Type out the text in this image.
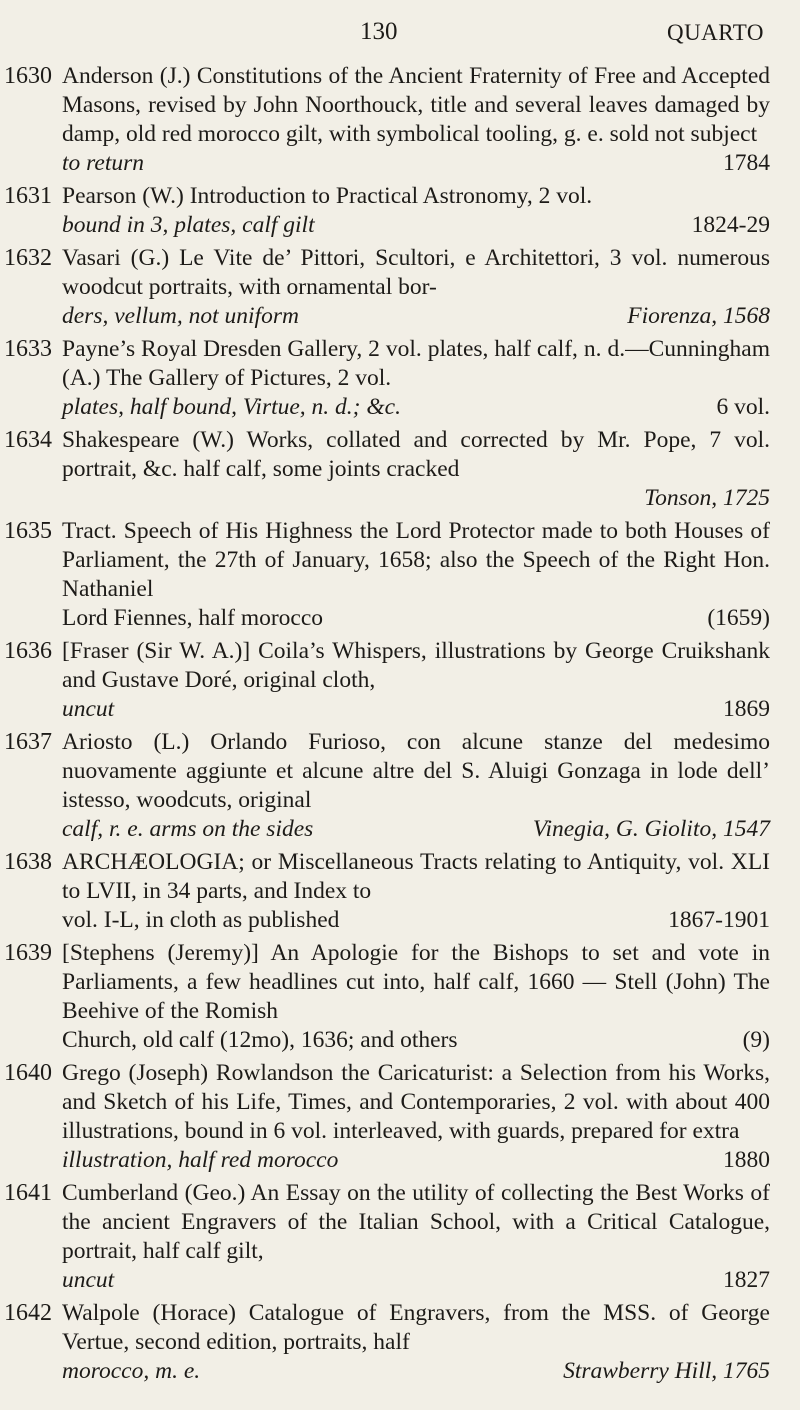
130	QUARTO
1630 Anderson (J.) Constitutions of the Ancient Fraternity of Free and Accepted Masons, revised by John Noorthouck, title and several leaves damaged by damp, old red morocco gilt, with symbolical tooling, g. e. sold not subject
to return	1784
1631 Pearson (W.) Introduction to Practical Astronomy, 2 vol.
bound in 3, plates, calf gilt	1824-29
1632 Vasari (G.) Le Vite de’ Pittori, Scultori, e Architettori, 3 vol. numerous woodcut portraits, with ornamental bor-
ders, vellum, not uniform	Fiorenza, 1568
1633 Payne’s Royal Dresden Gallery, 2 vol. plates, half calf, n. d.—Cunningham (A.) The Gallery of Pictures, 2 vol.
plates, half bound, Virtue, n. d.; &c.	6 vol.
1634 Shakespeare (W.) Works, collated and corrected by Mr. Pope, 7 vol. portrait, &c. half calf, some joints cracked
Tonson, 1725
1635 Tract. Speech of His Highness the Lord Protector made to both Houses of Parliament, the 27th of January, 1658; also the Speech of the Right Hon. Nathaniel
Lord Fiennes, half morocco	(1659)
1636 [Fraser (Sir W. A.)] Coila’s Whispers, illustrations by George Cruikshank and Gustave Doré, original cloth,
uncut	1869
1637 Ariosto (L.) Orlando Furioso, con alcune stanze del medesimo nuovamente aggiunte et alcune altre del S. Aluigi Gonzaga in lode dell’ istesso, woodcuts, original
calf, r. e. arms on the sides	Vinegia, G. Giolito, 1547
1638 ARCHÆOLOGIA; or Miscellaneous Tracts relating to Antiquity, vol. XLI to LVII, in 34 parts, and Index to
vol. I-L, in cloth as published	1867-1901
1639 [Stephens (Jeremy)] An Apologie for the Bishops to set and vote in Parliaments, a few headlines cut into, half calf, 1660 — Stell (John) The Beehive of the Romish
Church, old calf (12mo), 1636; and others	(9)
1640 Grego (Joseph) Rowlandson the Caricaturist: a Selection from his Works, and Sketch of his Life, Times, and Contemporaries, 2 vol. with about 400 illustrations, bound in 6 vol. interleaved, with guards, prepared for extra
illustration, half red morocco	1880
1641 Cumberland (Geo.) An Essay on the utility of collecting the Best Works of the ancient Engravers of the Italian School, with a Critical Catalogue, portrait, half calf gilt,
uncut	1827
1642 Walpole (Horace) Catalogue of Engravers, from the MSS. of George Vertue, second edition, portraits, half
morocco, m. e.	Strawberry Hill, 1765
